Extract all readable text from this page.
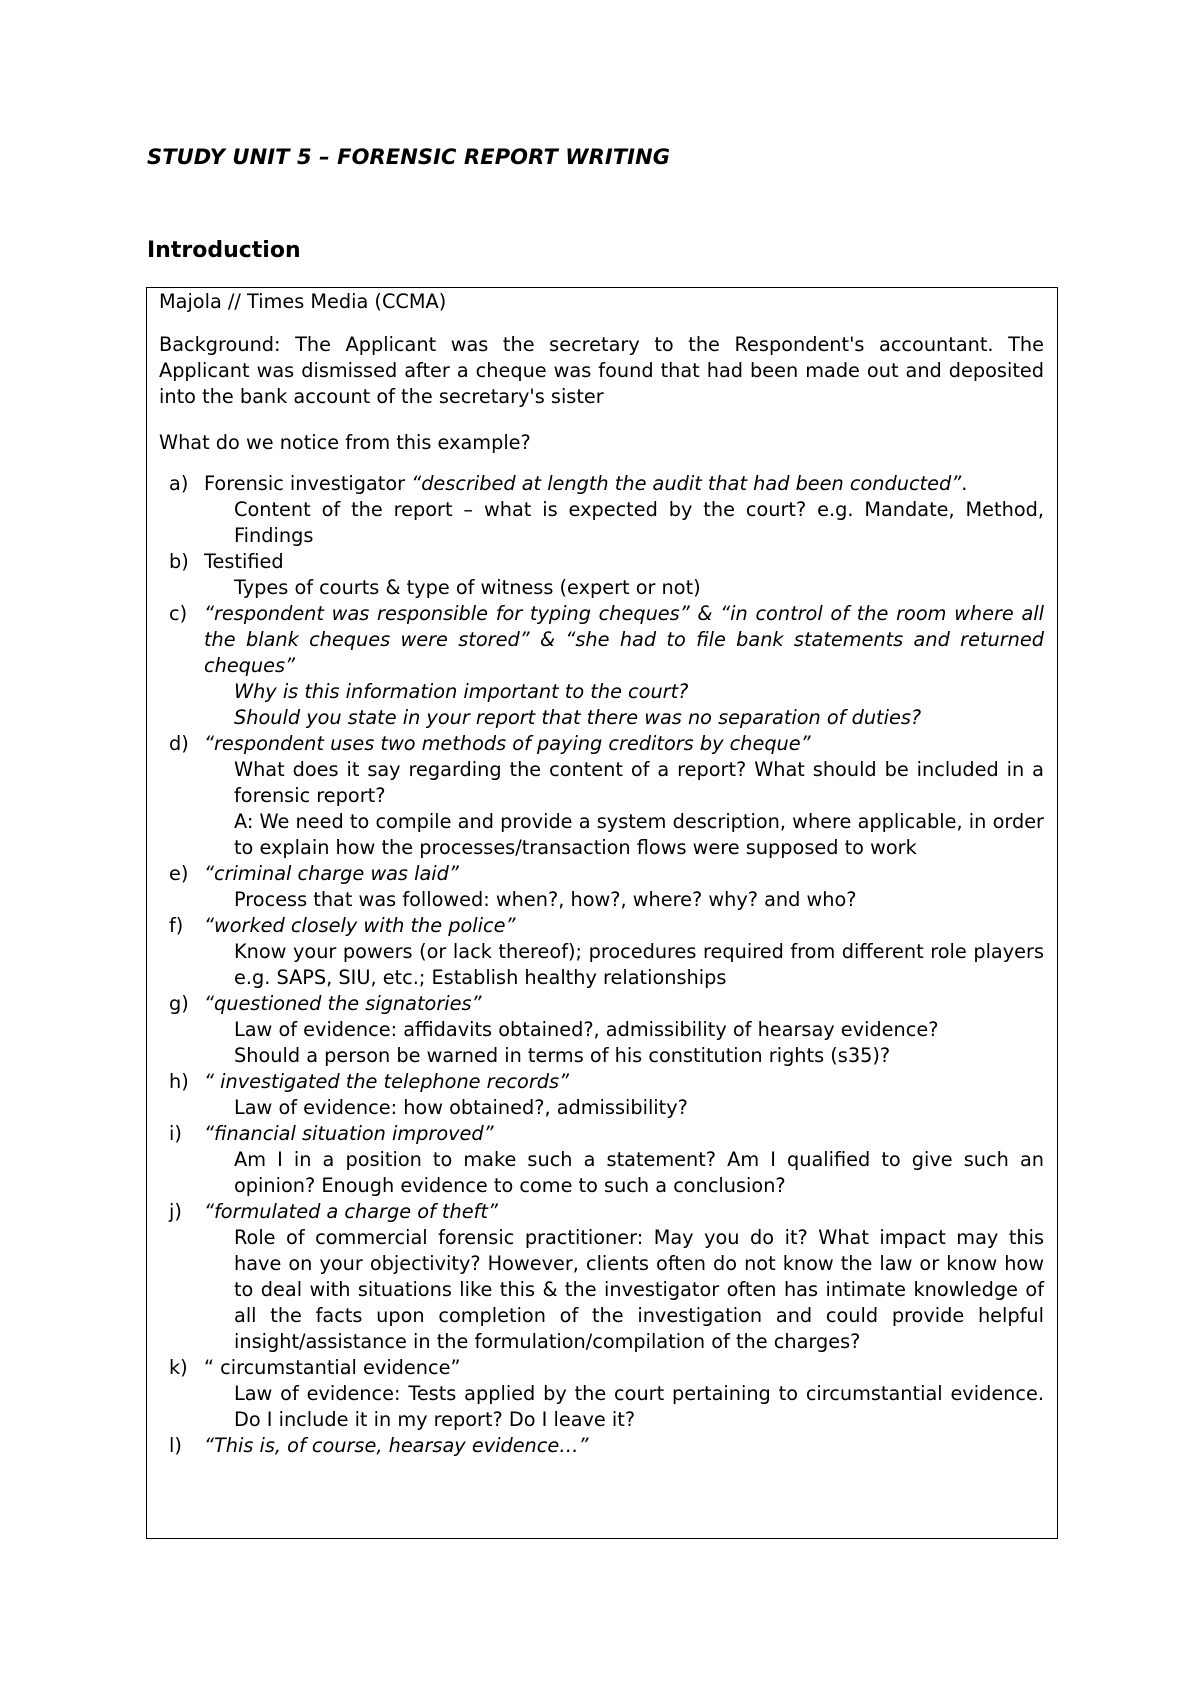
STUDY UNIT 5 – FORENSIC REPORT WRITING
Introduction

Majola // Times Media (CCMA)

Background: The Applicant was the secretary to the Respondent's accountant. The Applicant was dismissed after a cheque was found that had been made out and deposited into the bank account of the secretary's sister

What do we notice from this example?

a) Forensic investigator “described at length the audit that had been conducted”.
Content of the report – what is expected by the court? e.g. Mandate, Method, Findings
b) Testified
Types of courts & type of witness (expert or not)
c) “respondent was responsible for typing cheques” & “in control of the room where all the blank cheques were stored” & “she had to file bank statements and returned cheques”
Why is this information important to the court?
Should you state in your report that there was no separation of duties?
d) “respondent uses two methods of paying creditors by cheque”
What does it say regarding the content of a report? What should be included in a forensic report?
A: We need to compile and provide a system description, where applicable, in order to explain how the processes/transaction flows were supposed to work
e) “criminal charge was laid”
Process that was followed: when?, how?, where? why? and who?
f) “worked closely with the police”
Know your powers (or lack thereof); procedures required from different role players e.g. SAPS, SIU, etc.; Establish healthy relationships
g) “questioned the signatories”
Law of evidence: affidavits obtained?, admissibility of hearsay evidence?
Should a person be warned in terms of his constitution rights (s35)?
h) “ investigated the telephone records”
Law of evidence: how obtained?, admissibility?
i) “financial situation improved”
Am I in a position to make such a statement? Am I qualified to give such an opinion? Enough evidence to come to such a conclusion?
j) “formulated a charge of theft”
Role of commercial forensic practitioner: May you do it? What impact may this have on your objectivity? However, clients often do not know the law or know how to deal with situations like this & the investigator often has intimate knowledge of all the facts upon completion of the investigation and could provide helpful insight/assistance in the formulation/compilation of the charges?
k) “ circumstantial evidence”
Law of evidence: Tests applied by the court pertaining to circumstantial evidence. Do I include it in my report? Do I leave it?
l) “This is, of course, hearsay evidence…”
